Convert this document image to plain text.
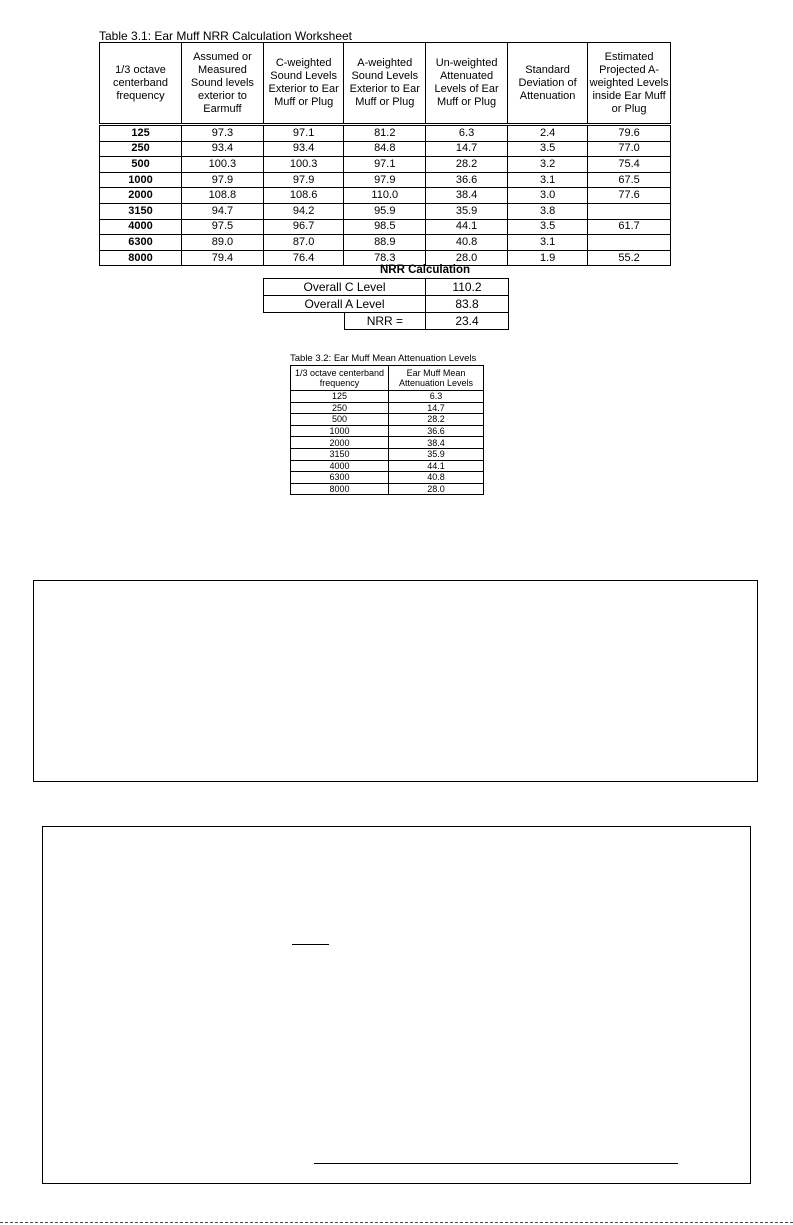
Table 3.1: Ear Muff NRR Calculation Worksheet
1/3 octave centerband frequency	Assumed or Measured Sound levels exterior to Earmuff	C-weighted Sound Levels Exterior to Ear Muff or Plug	A-weighted Sound Levels Exterior to Ear Muff or Plug	Un-weighted Attenuated Levels of Ear Muff or Plug	Standard Deviation of Attenuation	Estimated Projected A-weighted Levels inside Ear Muff or Plug
125	97.3	97.1	81.2	6.3	2.4	79.6
250	93.4	93.4	84.8	14.7	3.5	77.0
500	100.3	100.3	97.1	28.2	3.2	75.4
1000	97.9	97.9	97.9	36.6	3.1	67.5
2000	108.8	108.6	110.0	38.4	3.0	77.6
3150	94.7	94.2	95.9	35.9	3.8	
4000	97.5	96.7	98.5	44.1	3.5	61.7
6300	89.0	87.0	88.9	40.8	3.1	
8000	79.4	76.4	78.3	28.0	1.9	55.2
NRR Calculation
Overall C Level		110.2
Overall A Level		83.8
	NRR =	23.4
Table 3.2: Ear Muff Mean Attenuation Levels
1/3 octave centerband frequency	Ear Muff Mean Attenuation Levels
125	6.3
250	14.7
500	28.2
1000	36.6
2000	38.4
3150	35.9
4000	44.1
6300	40.8
8000	28.0
